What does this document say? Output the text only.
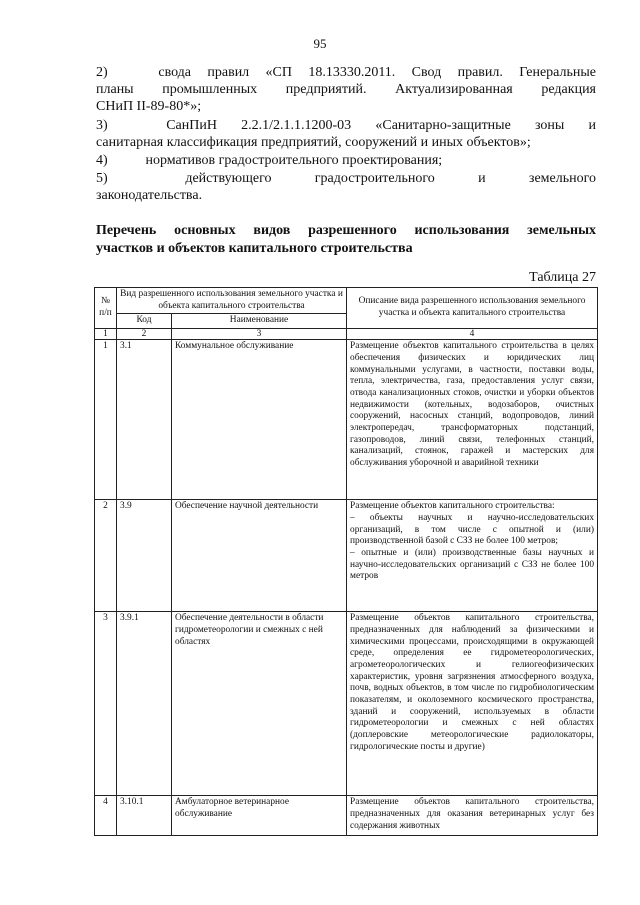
95
2)	свода правил «СП 18.13330.2011. Свод правил. Генеральные
планы промышленных предприятий. Актуализированная редакция
СНиП II-89-80*»;
3)	СанПиН 2.2.1/2.1.1.1200-03 «Санитарно-защитные зоны и
санитарная классификация предприятий, сооружений и иных объектов»;
4)	нормативов градостроительного проектирования;
5)	действующего градостроительного и земельного
законодательства.
Перечень основных видов разрешенного использования земельных
участков и объектов капитального строительства
Таблица 27
№ п/п	Вид разрешенного использования земельного участка и объекта капитального строительства		Описание вида разрешенного использования земельного участка и объекта капитального строительства
	Код	Наименование	
1	2	3	4
1	3.1	Коммунальное обслуживание	Размещение объектов капитального строительства в целях обеспечения физических и юридических лиц коммунальными услугами, в частности, поставки воды, тепла, электричества, газа, предоставления услуг связи, отвода канализационных стоков, очистки и уборки объектов недвижимости (котельных, водозаборов, очистных сооружений, насосных станций, водопроводов, линий электропередач, трансформаторных подстанций, газопроводов, линий связи, телефонных станций, канализаций, стоянок, гаражей и мастерских для обслуживания уборочной и аварийной техники
2	3.9	Обеспечение научной деятельности	Размещение объектов капитального строительства:
– объекты научных и научно-исследовательских организаций, в том числе с опытной и (или) производственной базой с СЗЗ не более 100 метров;
– опытные и (или) производственные базы научных и научно-исследовательских организаций с СЗЗ не более 100 метров

3	3.9.1	Обеспечение деятельности в области гидрометеорологии и смежных с ней областях	Размещение объектов капитального строительства, предназначенных для наблюдений за физическими и химическими процессами, происходящими в окружающей среде, определения ее гидрометеорологических, агрометеорологических и гелиогеофизических характеристик, уровня загрязнения атмосферного воздуха, почв, водных объектов, в том числе по гидробиологическим показателям, и околоземного космического пространства, зданий и сооружений, используемых в области гидрометеорологии и смежных с ней областях (доплеровские метеорологические радиолокаторы, гидрологические посты и другие)
4	3.10.1	Амбулаторное ветеринарное обслуживание	Размещение объектов капитального строительства, предназначенных для оказания ветеринарных услуг без содержания животных
